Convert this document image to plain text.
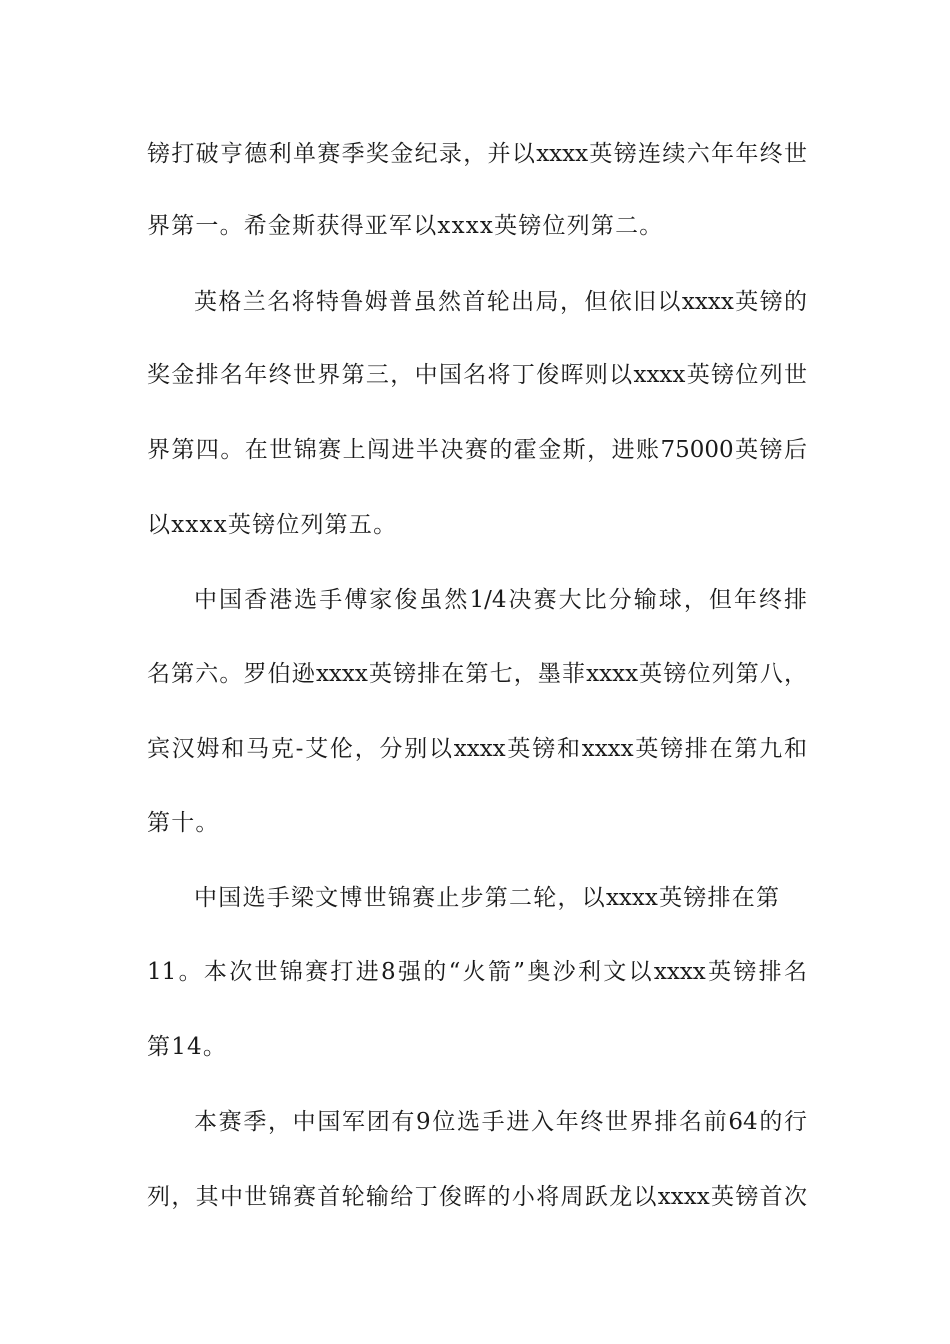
镑打破亨德利单赛季奖金纪录，并以xxxx英镑连续六年年终世
界第一。希金斯获得亚军以xxxx英镑位列第二。
英格兰名将特鲁姆普虽然首轮出局，但依旧以xxxx英镑的
奖金排名年终世界第三，中国名将丁俊晖则以xxxx英镑位列世
界第四。在世锦赛上闯进半决赛的霍金斯，进账75000英镑后
以xxxx英镑位列第五。
中国香港选手傅家俊虽然1/4决赛大比分输球，但年终排
名第六。罗伯逊xxxx英镑排在第七，墨菲xxxx英镑位列第八，
宾汉姆和马克-艾伦，分别以xxxx英镑和xxxx英镑排在第九和
第十。
中国选手梁文博世锦赛止步第二轮，以xxxx英镑排在第
11。本次世锦赛打进8强的“火箭”奥沙利文以xxxx英镑排名
第14。
本赛季，中国军团有9位选手进入年终世界排名前64的行
列，其中世锦赛首轮输给丁俊晖的小将周跃龙以xxxx英镑首次
